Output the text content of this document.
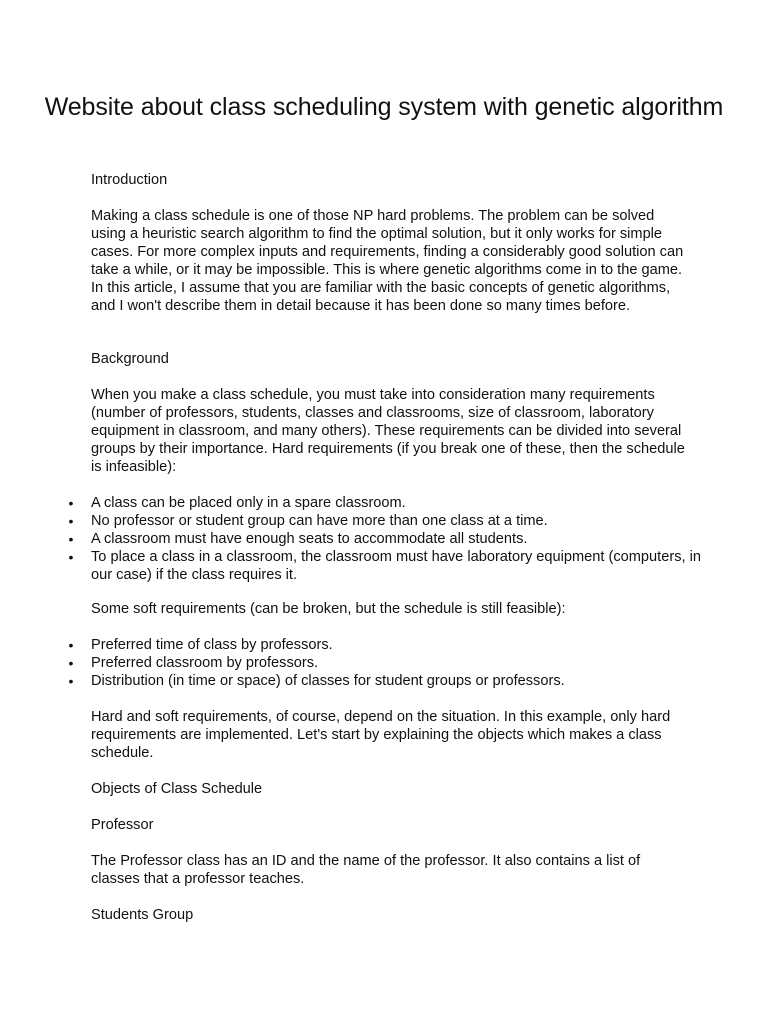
Website about class scheduling system with genetic algorithm

Introduction

Making a class schedule is one of those NP hard problems. The problem can be solved using a heuristic search algorithm to find the optimal solution, but it only works for simple cases. For more complex inputs and requirements, finding a considerably good solution can take a while, or it may be impossible. This is where genetic algorithms come in to the game. In this article, I assume that you are familiar with the basic concepts of genetic algorithms, and I won't describe them in detail because it has been done so many times before.

Background

When you make a class schedule, you must take into consideration many requirements (number of professors, students, classes and classrooms, size of classroom, laboratory equipment in classroom, and many others). These requirements can be divided into several groups by their importance. Hard requirements (if you break one of these, then the schedule is infeasible):

• A class can be placed only in a spare classroom.
• No professor or student group can have more than one class at a time.
• A classroom must have enough seats to accommodate all students.
• To place a class in a classroom, the classroom must have laboratory equipment (computers, in our case) if the class requires it.

Some soft requirements (can be broken, but the schedule is still feasible):

• Preferred time of class by professors.
• Preferred classroom by professors.
• Distribution (in time or space) of classes for student groups or professors.

Hard and soft requirements, of course, depend on the situation. In this example, only hard requirements are implemented. Let's start by explaining the objects which makes a class schedule.

Objects of Class Schedule

Professor

The Professor class has an ID and the name of the professor. It also contains a list of classes that a professor teaches.

Students Group
